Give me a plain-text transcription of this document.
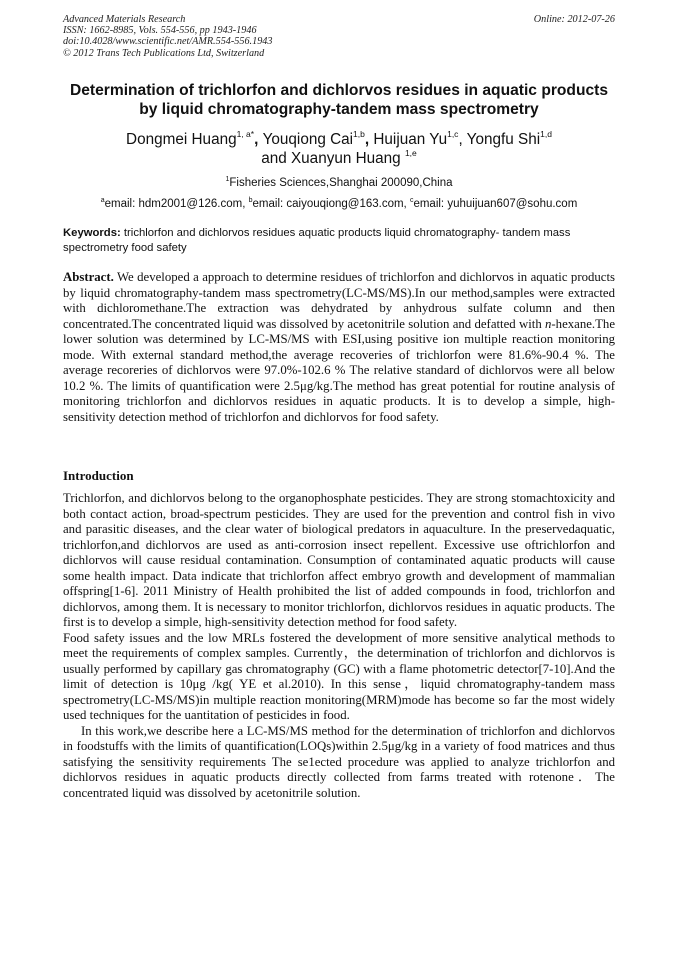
Advanced Materials Research	Online: 2012-07-26
ISSN: 1662-8985, Vols. 554-556, pp 1943-1946
doi:10.4028/www.scientific.net/AMR.554-556.1943
© 2012 Trans Tech Publications Ltd, Switzerland
Determination of trichlorfon and dichlorvos residues in aquatic products by liquid chromatography-tandem mass spectrometry
Dongmei Huang$^{1, a*}$, Youqiong Cai$^{1,b}$, Huijuan Yu$^{1,c}$, Yongfu Shi$^{1,d}$
and Xuanyun Huang $^{1,e}$
$^1$Fisheries Sciences,Shanghai 200090,China
$^a$email: hdm2001@126.com, $^b$email: caiyouqiong@163.com, $^c$email: yuhuijuan607@sohu.com
Keywords: trichlorfon and dichlorvos residues aquatic products liquid chromatography- tandem mass spectrometry food safety
Abstract. We developed a approach to determine residues of trichlorfon and dichlorvos in aquatic products by liquid chromatography-tandem mass spectrometry(LC-MS/MS).In our method,samples were extracted with dichloromethane.The extraction was dehydrated by anhydrous sulfate column and then concentrated.The concentrated liquid was dissolved by acetonitrile solution and defatted with n-hexane.The lower solution was determined by LC-MS/MS with ESI,using positive ion multiple reaction monitoring mode. With external standard method,the average recoveries of trichlorfon were 81.6%-90.4 %. The average recoreries of dichlorvos were 97.0%-102.6 % The relative standard of dichlorvos were all below 10.2 %. The limits of quantification were 2.5μg/kg.The method has great potential for routine analysis of monitoring trichlorfon and dichlorvos residues in aquatic products. It is to develop a simple, high-sensitivity detection method of trichlorfon and dichlorvos for food safety.
Introduction

Trichlorfon, and dichlorvos belong to the organophosphate pesticides. They are strong stomachtoxicity and both contact action, broad-spectrum pesticides. They are used for the prevention and control fish in vivo and parasitic diseases, and the clear water of biological predators in aquaculture. In the preservedaquatic, trichlorfon,and dichlorvos are used as anti-corrosion insect repellent. Excessive use oftrichlorfon and dichlorvos will cause residual contamination. Consumption of contaminated aquatic products will cause some health impact. Data indicate that trichlorfon affect embryo growth and development of mammalian offspring[1-6]. 2011 Ministry of Health prohibited the list of added compounds in food, trichlorfon and dichlorvos, among them. It is necessary to monitor trichlorfon, dichlorvos residues in aquatic products. The first is to develop a simple, high-sensitivity detection method for food safety.

Food safety issues and the low MRLs fostered the development of more sensitive analytical methods to meet the requirements of complex samples. Currently，the determination of trichlorfon and dichlorvos is usually performed by capillary gas chromatography (GC) with a flame photometric detector[7-10].And the limit of detection is 10μg /kg( YE et al.2010). In this sense，liquid chromatography-tandem mass spectrometry(LC-MS/MS)in multiple reaction monitoring(MRM)mode has become so far the most widely used techniques for the uantitation of pesticides in food.

In this work,we describe here a LC-MS/MS method for the determination of trichlorfon and dichlorvos in foodstuffs with the limits of quantification(LOQs)within 2.5μg/kg in a variety of food matrices and thus satisfying the sensitivity requirements The se1ected procedure was applied to analyze trichlorfon and dichlorvos residues in aquatic products directly collected from farms treated with rotenone．The concentrated liquid was dissolved by acetonitrile solution.
